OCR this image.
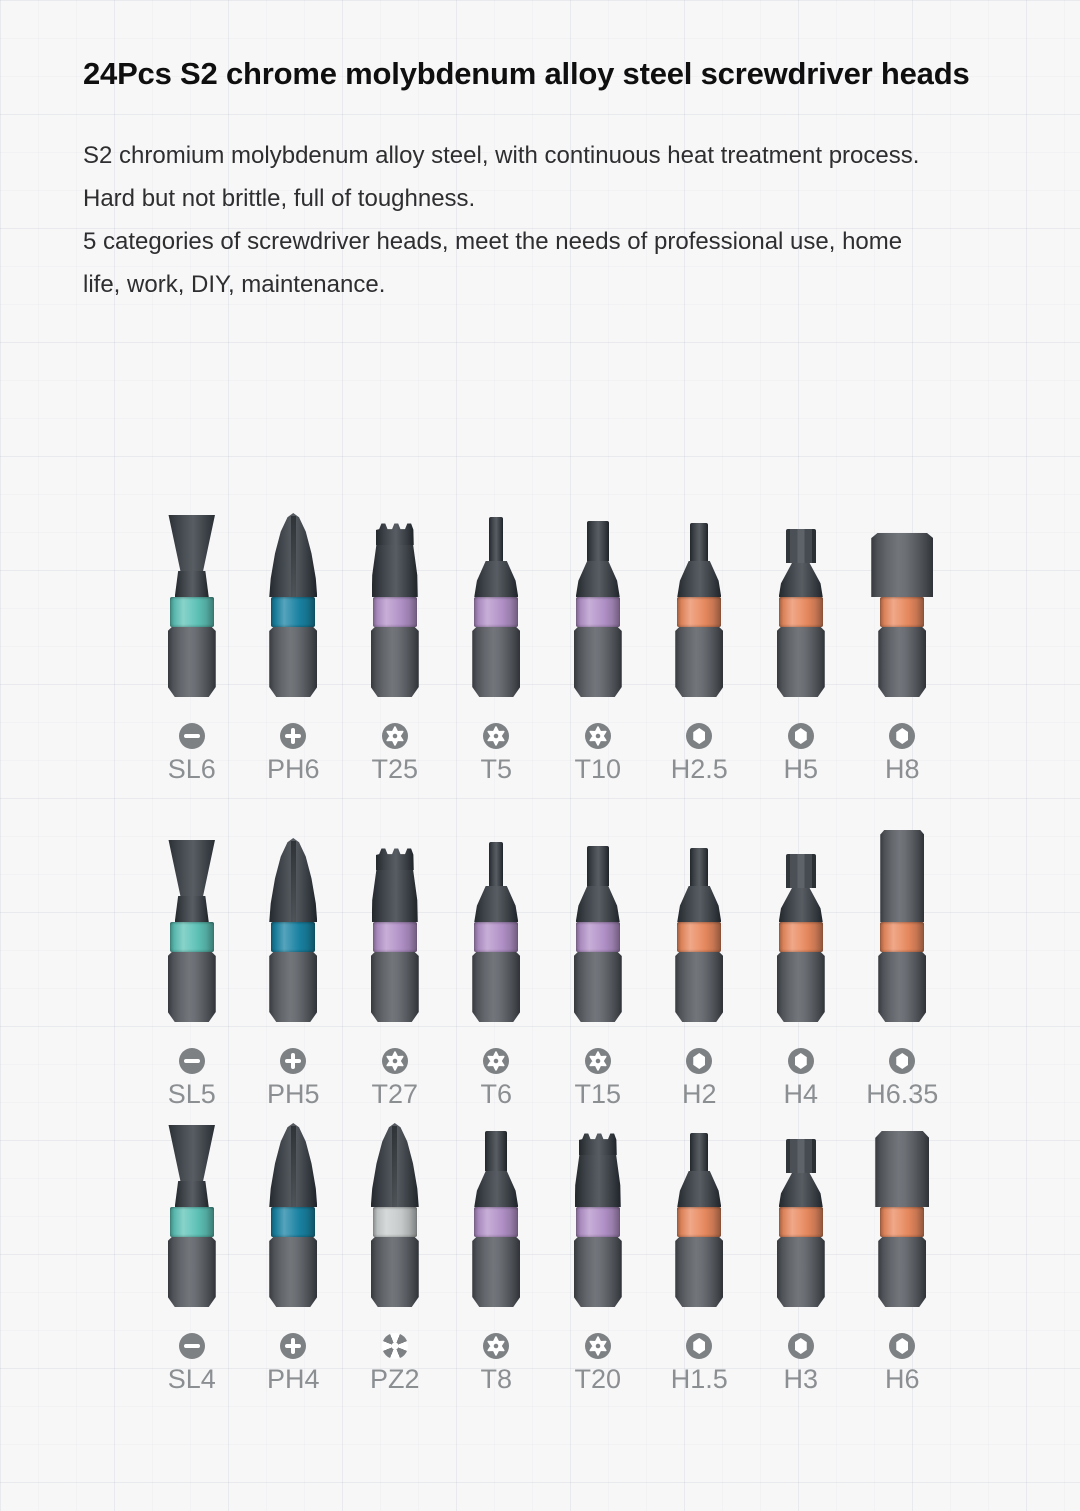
24Pcs S2 chrome molybdenum alloy steel screwdriver heads
S2 chromium molybdenum alloy steel, with continuous heat treatment process.
Hard but not brittle, full of toughness.
5 categories of screwdriver heads, meet the needs of professional use, home
life, work, DIY, maintenance.
SL6 PH6 T25 T5 T10 H2.5 H5 H8
SL5 PH5 T27 T6 T15 H2 H4 H6.35
SL4 PH4 PZ2 T8 T20 H1.5 H3 H6
